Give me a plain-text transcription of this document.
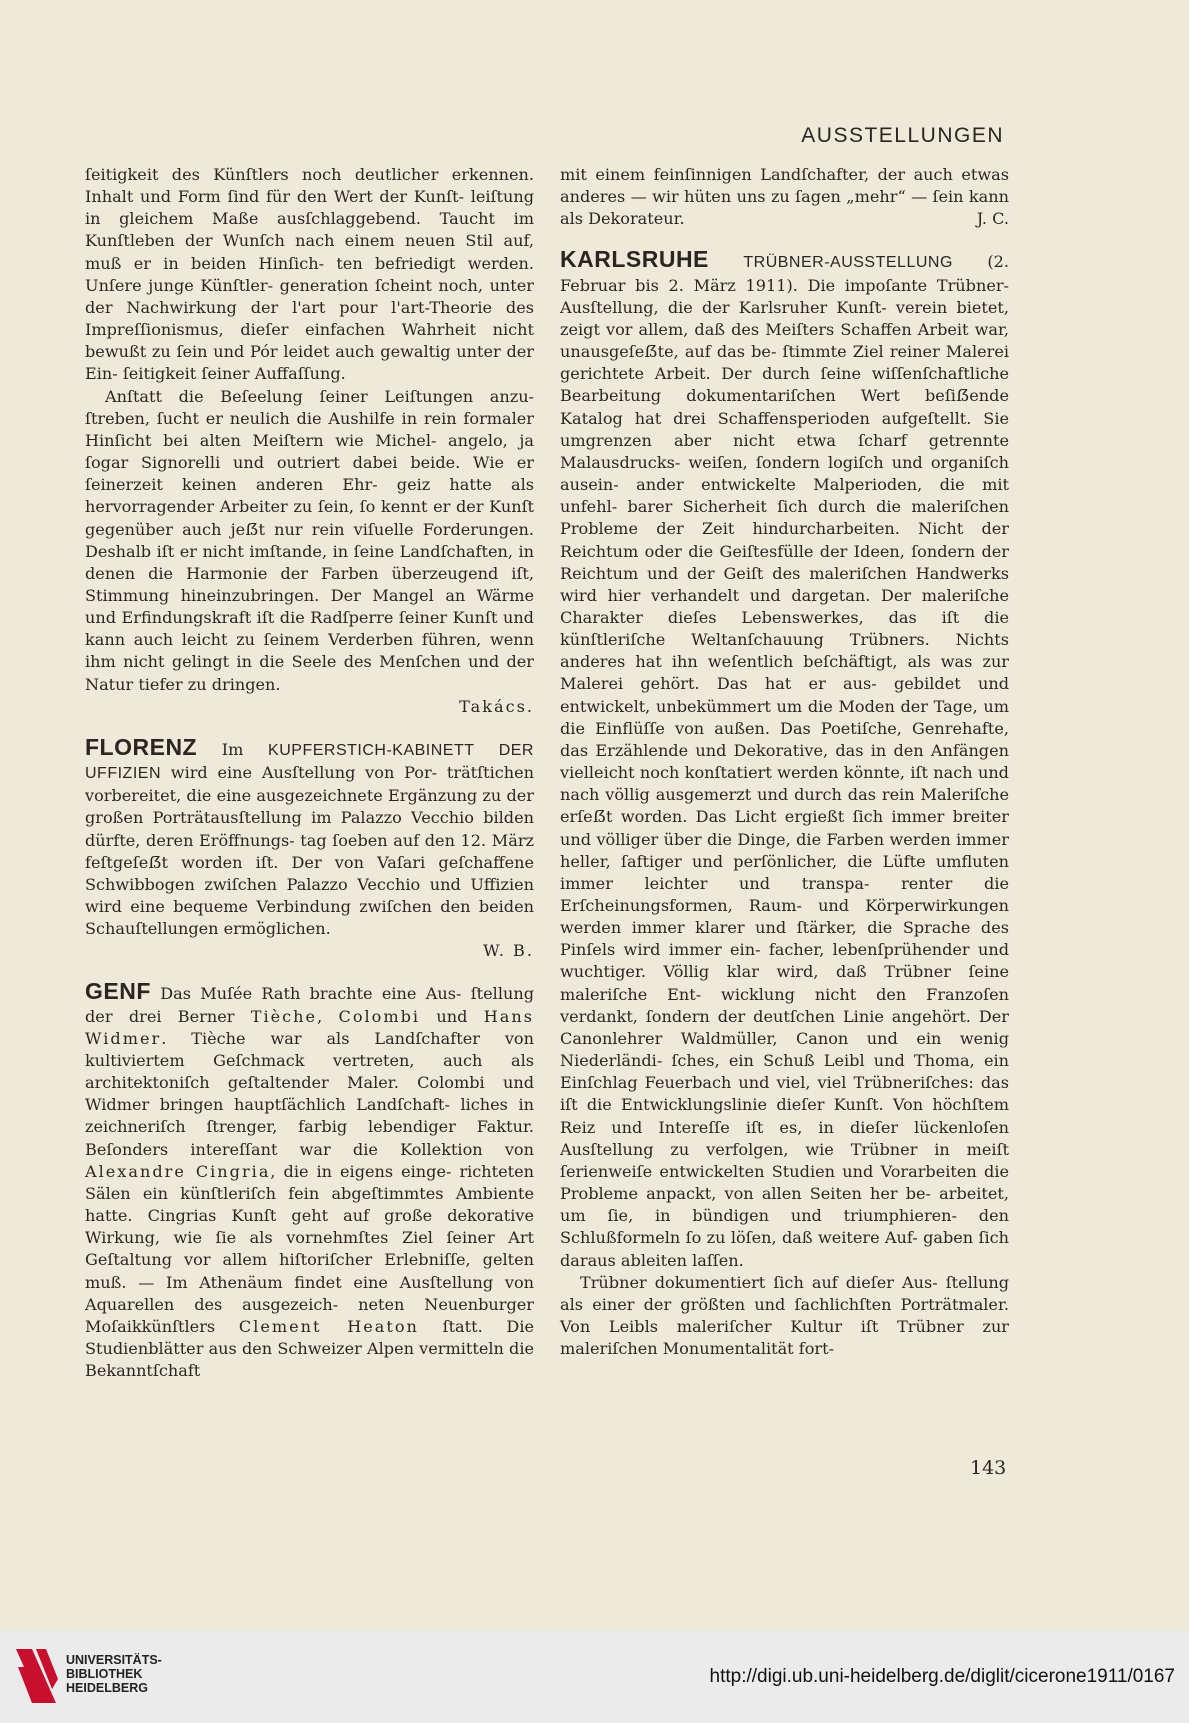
AUSSTELLUNGEN

ſeitigkeit des Künſtlers noch deutlicher erkennen. Inhalt und Form ſind für den Wert der Kunſt- leiſtung in gleichem Maße ausſchlaggebend. Taucht im Kunſtleben der Wunſch nach einem neuen Stil auf, muß er in beiden Hinſich- ten befriedigt werden. Unſere junge Künſtler- generation ſcheint noch, unter der Nachwirkung der l'art pour l'art-Theorie des Impreſſionismus, dieſer einfachen Wahrheit nicht bewußt zu ſein und Pór leidet auch gewaltig unter der Ein- ſeitigkeit ſeiner Auffaſſung.

Anſtatt die Beſeelung ſeiner Leiſtungen anzu- ſtreben, ſucht er neulich die Aushilfe in rein formaler Hinſicht bei alten Meiſtern wie Michel- angelo, ja ſogar Signorelli und outriert dabei beide. Wie er ſeinerzeit keinen anderen Ehr- geiz hatte als hervorragender Arbeiter zu ſein, ſo kennt er der Kunſt gegenüber auch jeẞt nur rein viſuelle Forderungen. Deshalb iſt er nicht imſtande, in ſeine Landſchaften, in denen die Harmonie der Farben überzeugend iſt, Stimmung hineinzubringen. Der Mangel an Wärme und Erfindungskraft iſt die Radſperre ſeiner Kunſt und kann auch leicht zu ſeinem Verderben führen, wenn ihm nicht gelingt in die Seele des Menſchen und der Natur tiefer zu dringen.

Takács.

FLORENZ Im KUPFERSTICH-KABINETT DER UFFIZIEN wird eine Ausſtellung von Por- trätſtichen vorbereitet, die eine ausgezeichnete Ergänzung zu der großen Porträtausſtellung im Palazzo Vecchio bilden dürfte, deren Eröffnungs- tag ſoeben auf den 12. März feſtgeſeẞt worden iſt. Der von Vaſari geſchaffene Schwibbogen zwiſchen Palazzo Vecchio und Uffizien wird eine bequeme Verbindung zwiſchen den beiden Schauſtellungen ermöglichen.

W. B.

GENF Das Muſée Rath brachte eine Aus- ſtellung der drei Berner Tièche, Colombi und Hans Widmer. Tièche war als Landſchafter von kultiviertem Geſchmack vertreten, auch als architektoniſch geſtaltender Maler. Colombi und Widmer bringen hauptſächlich Landſchaft- liches in zeichneriſch ſtrenger, farbig lebendiger Faktur. Beſonders intereſſant war die Kollektion von Alexandre Cingria, die in eigens einge- richteten Sälen ein künſtleriſch fein abgeſtimmtes Ambiente hatte. Cingrias Kunſt geht auf große dekorative Wirkung, wie ſie als vornehmſtes Ziel ſeiner Art Geſtaltung vor allem hiſtoriſcher Erlebniſſe, gelten muß. — Im Athenäum findet eine Ausſtellung von Aquarellen des ausgezeich- neten Neuenburger Moſaikkünſtlers Clement Heaton ſtatt. Die Studienblätter aus den Schweizer Alpen vermitteln die Bekanntſchaft

mit einem feinſinnigen Landſchafter, der auch etwas anderes — wir hüten uns zu ſagen „mehr“ — ſein kann als Dekorateur.	J. C.

KARLSRUHE TRÜBNER-AUSSTELLUNG (2. Februar bis 2. März 1911). Die impoſante Trübner-Ausſtellung, die der Karlsruher Kunſt- verein bietet, zeigt vor allem, daß des Meiſters Schaffen Arbeit war, unausgeſeẞte, auf das be- ſtimmte Ziel reiner Malerei gerichtete Arbeit. Der durch ſeine wiſſenſchaftliche Bearbeitung dokumentariſchen Wert beſiẞende Katalog hat drei Schaffensperioden aufgeſtellt. Sie umgrenzen aber nicht etwa ſcharf getrennte Malausdrucks- weiſen, ſondern logiſch und organiſch ausein- ander entwickelte Malperioden, die mit unfehl- barer Sicherheit ſich durch die maleriſchen Probleme der Zeit hindurcharbeiten. Nicht der Reichtum oder die Geiſtesfülle der Ideen, ſondern der Reichtum und der Geiſt des maleriſchen Handwerks wird hier verhandelt und dargetan. Der maleriſche Charakter dieſes Lebenswerkes, das iſt die künſtleriſche Weltanſchauung Trübners. Nichts anderes hat ihn weſentlich beſchäftigt, als was zur Malerei gehört. Das hat er aus- gebildet und entwickelt, unbekümmert um die Moden der Tage, um die Einflüſſe von außen. Das Poetiſche, Genrehafte, das Erzählende und Dekorative, das in den Anfängen vielleicht noch konſtatiert werden könnte, iſt nach und nach völlig ausgemerzt und durch das rein Maleriſche erſeẞt worden. Das Licht ergießt ſich immer breiter und völliger über die Dinge, die Farben werden immer heller, ſaftiger und perſönlicher, die Lüfte umfluten immer leichter und transpa- renter die Erſcheinungsformen, Raum- und Körperwirkungen werden immer klarer und ſtärker, die Sprache des Pinſels wird immer ein- facher, lebenſprühender und wuchtiger. Völlig klar wird, daß Trübner ſeine maleriſche Ent- wicklung nicht den Franzoſen verdankt, ſondern der deutſchen Linie angehört. Der Canonlehrer Waldmüller, Canon und ein wenig Niederländi- ſches, ein Schuß Leibl und Thoma, ein Einſchlag Feuerbach und viel, viel Trübneriſches: das iſt die Entwicklungslinie dieſer Kunſt. Von höchſtem Reiz und Intereſſe iſt es, in dieſer lückenloſen Ausſtellung zu verfolgen, wie Trübner in meiſt ſerienweiſe entwickelten Studien und Vorarbeiten die Probleme anpackt, von allen Seiten her be- arbeitet, um ſie, in bündigen und triumphieren- den Schlußformeln ſo zu löſen, daß weitere Auf- gaben ſich daraus ableiten laſſen.

Trübner dokumentiert ſich auf dieſer Aus- ſtellung als einer der größten und ſachlichſten Porträtmaler. Von Leibls maleriſcher Kultur iſt Trübner zur maleriſchen Monumentalität fort-

143
UNIVERSITÄTS-
BIBLIOTHEK
HEIDELBERG
http://digi.ub.uni-heidelberg.de/diglit/cicerone1911/0167
